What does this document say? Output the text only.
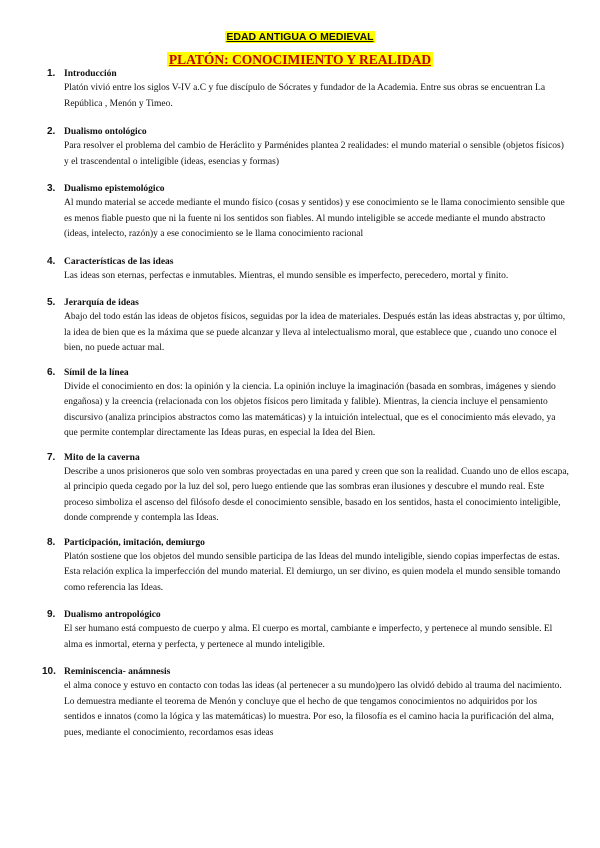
EDAD ANTIGUA O MEDIEVAL
PLATÓN: CONOCIMIENTO Y REALIDAD
1. Introducción
Platón vivió entre los siglos V-IV a.C y fue discípulo de Sócrates y fundador de la Academia. Entre sus obras se encuentran La República , Menón y Timeo.
2. Dualismo ontológico
Para resolver el problema del cambio de Heráclito y Parménides plantea 2 realidades: el mundo material o sensible (objetos físicos) y el trascendental o inteligible (ideas, esencias y formas)
3. Dualismo epistemológico
Al mundo material se accede mediante el mundo físico (cosas y sentidos) y ese conocimiento se le llama conocimiento sensible que es menos fiable puesto que ni la fuente ni los sentidos son fiables. Al mundo inteligible se accede mediante el mundo abstracto (ideas, intelecto, razón)y a ese conocimiento se le llama conocimiento racional
4. Características de las ideas
Las ideas son eternas, perfectas e inmutables. Mientras, el mundo sensible es imperfecto, perecedero, mortal y finito.
5. Jerarquía de ideas
Abajo del todo están las ideas de objetos físicos, seguidas por la idea de materiales. Después están las ideas abstractas y, por último, la idea de bien que es la máxima que se puede alcanzar y lleva al intelectualismo moral, que establece que , cuando uno conoce el bien, no puede actuar mal.
6. Símil de la línea
Divide el conocimiento en dos: la opinión y la ciencia. La opinión incluye la imaginación (basada en sombras, imágenes y siendo engañosa) y la creencia (relacionada con los objetos físicos pero limitada y falible). Mientras, la ciencia incluye el pensamiento discursivo (analiza principios abstractos como las matemáticas) y la intuición intelectual, que es el conocimiento más elevado, ya que permite contemplar directamente las Ideas puras, en especial la Idea del Bien.
7. Mito de la caverna
Describe a unos prisioneros que solo ven sombras proyectadas en una pared y creen que son la realidad. Cuando uno de ellos escapa, al principio queda cegado por la luz del sol, pero luego entiende que las sombras eran ilusiones y descubre el mundo real. Este proceso simboliza el ascenso del filósofo desde el conocimiento sensible, basado en los sentidos, hasta el conocimiento inteligible, donde comprende y contempla las Ideas.
8. Participación, imitación, demiurgo
Platón sostiene que los objetos del mundo sensible participa de las Ideas del mundo inteligible, siendo copias imperfectas de estas. Esta relación explica la imperfección del mundo material. El demiurgo, un ser divino, es quien modela el mundo sensible tomando como referencia las Ideas.
9. Dualismo antropológico
El ser humano está compuesto de cuerpo y alma. El cuerpo es mortal, cambiante e imperfecto, y pertenece al mundo sensible. El alma es inmortal, eterna y perfecta, y pertenece al mundo inteligible.
10. Reminiscencia- anámnesis
el alma conoce y estuvo en contacto con todas las ideas (al pertenecer a su mundo)pero las olvidó debido al trauma del nacimiento. Lo demuestra mediante el teorema de Menón y concluye que el hecho de que tengamos conocimientos no adquiridos por los sentidos e innatos (como la lógica y las matemáticas) lo muestra. Por eso, la filosofía es el camino hacia la purificación del alma, pues, mediante el conocimiento, recordamos esas ideas
